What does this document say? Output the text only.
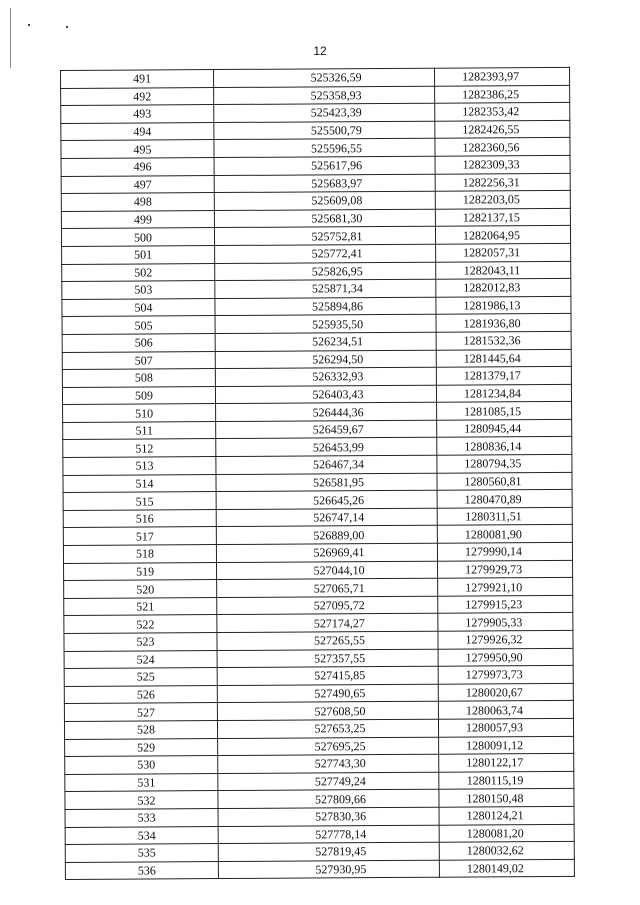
12
491	525326,59	1282393,97
492	525358,93	1282386,25
493	525423,39	1282353,42
494	525500,79	1282426,55
495	525596,55	1282360,56
496	525617,96	1282309,33
497	525683,97	1282256,31
498	525609,08	1282203,05
499	525681,30	1282137,15
500	525752,81	1282064,95
501	525772,41	1282057,31
502	525826,95	1282043,11
503	525871,34	1282012,83
504	525894,86	1281986,13
505	525935,50	1281936,80
506	526234,51	1281532,36
507	526294,50	1281445,64
508	526332,93	1281379,17
509	526403,43	1281234,84
510	526444,36	1281085,15
511	526459,67	1280945,44
512	526453,99	1280836,14
513	526467,34	1280794,35
514	526581,95	1280560,81
515	526645,26	1280470,89
516	526747,14	1280311,51
517	526889,00	1280081,90
518	526969,41	1279990,14
519	527044,10	1279929,73
520	527065,71	1279921,10
521	527095,72	1279915,23
522	527174,27	1279905,33
523	527265,55	1279926,32
524	527357,55	1279950,90
525	527415,85	1279973,73
526	527490,65	1280020,67
527	527608,50	1280063,74
528	527653,25	1280057,93
529	527695,25	1280091,12
530	527743,30	1280122,17
531	527749,24	1280115,19
532	527809,66	1280150,48
533	527830,36	1280124,21
534	527778,14	1280081,20
535	527819,45	1280032,62
536	527930,95	1280149,02
